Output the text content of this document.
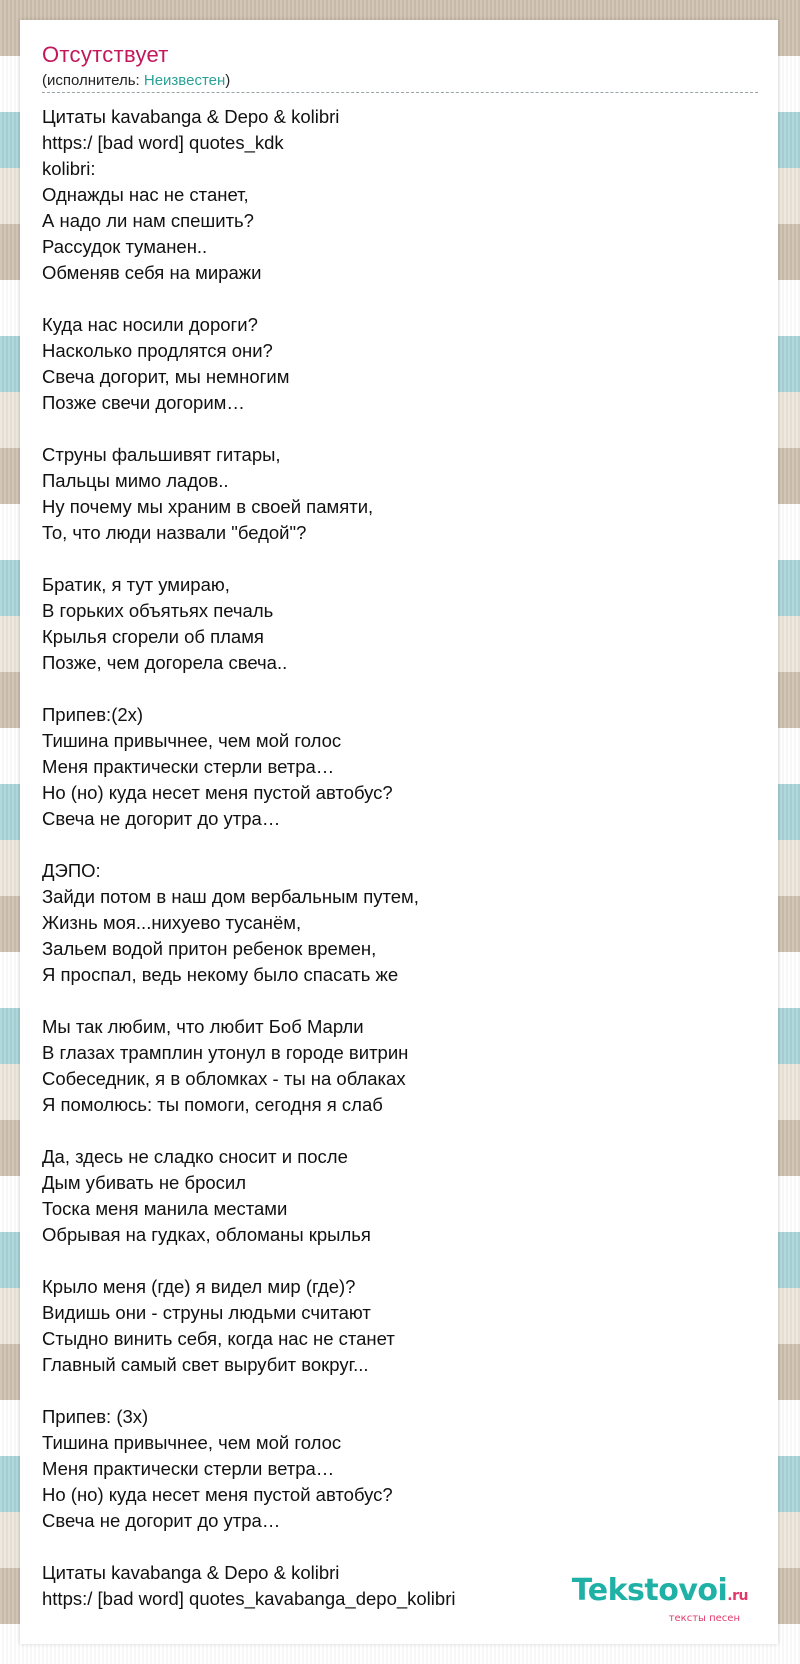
Отсутствует
(исполнитель: Неизвестен)
Цитаты kavabanga & Depo & kolibri
https:/ [bad word] quotes_kdk
kolibri:
Однажды нас не станет,
А надо ли нам спешить?
Рассудок туманен..
Обменяв себя на миражи
Куда нас носили дороги?
Насколько продлятся они?
Свеча догорит, мы немногим
Позже свечи догорим…
Струны фальшивят гитары,
Пальцы мимо ладов..
Ну почему мы храним в своей памяти,
То, что люди назвали "бедой"?
Братик, я тут умираю,
В горьких объятьях печаль
Крылья сгорели об пламя
Позже, чем догорела свеча..
Припев:(2х)
Тишина привычнее, чем мой голос
Меня практически стерли ветра…
Но (но) куда несет меня пустой автобус?
Свеча не догорит до утра…
ДЭПО:
Зайди потом в наш дом вербальным путем,
Жизнь моя...нихуево тусанём,
Зальем водой притон ребенок времен,
Я проспал, ведь некому было спасать же
Мы так любим, что любит Боб Марли
В глазах трамплин утонул в городе витрин
Собеседник, я в обломках - ты на облаках
Я помолюсь: ты помоги, сегодня я слаб
Да, здесь не сладко сносит и после
Дым убивать не бросил
Тоска меня манила местами
Обрывая на гудках, обломаны крылья
Крыло меня (где) я видел мир (где)?
Видишь они - струны людьми считают
Стыдно винить себя, когда нас не станет
Главный самый свет вырубит вокруг...
Припев: (3х)
Тишина привычнее, чем мой голос
Меня практически стерли ветра…
Но (но) куда несет меня пустой автобус?
Свеча не догорит до утра…
Цитаты kavabanga & Depo & kolibri
https:/ [bad word] quotes_kavabanga_depo_kolibri	Tekstovoi.ru
тексты песен
